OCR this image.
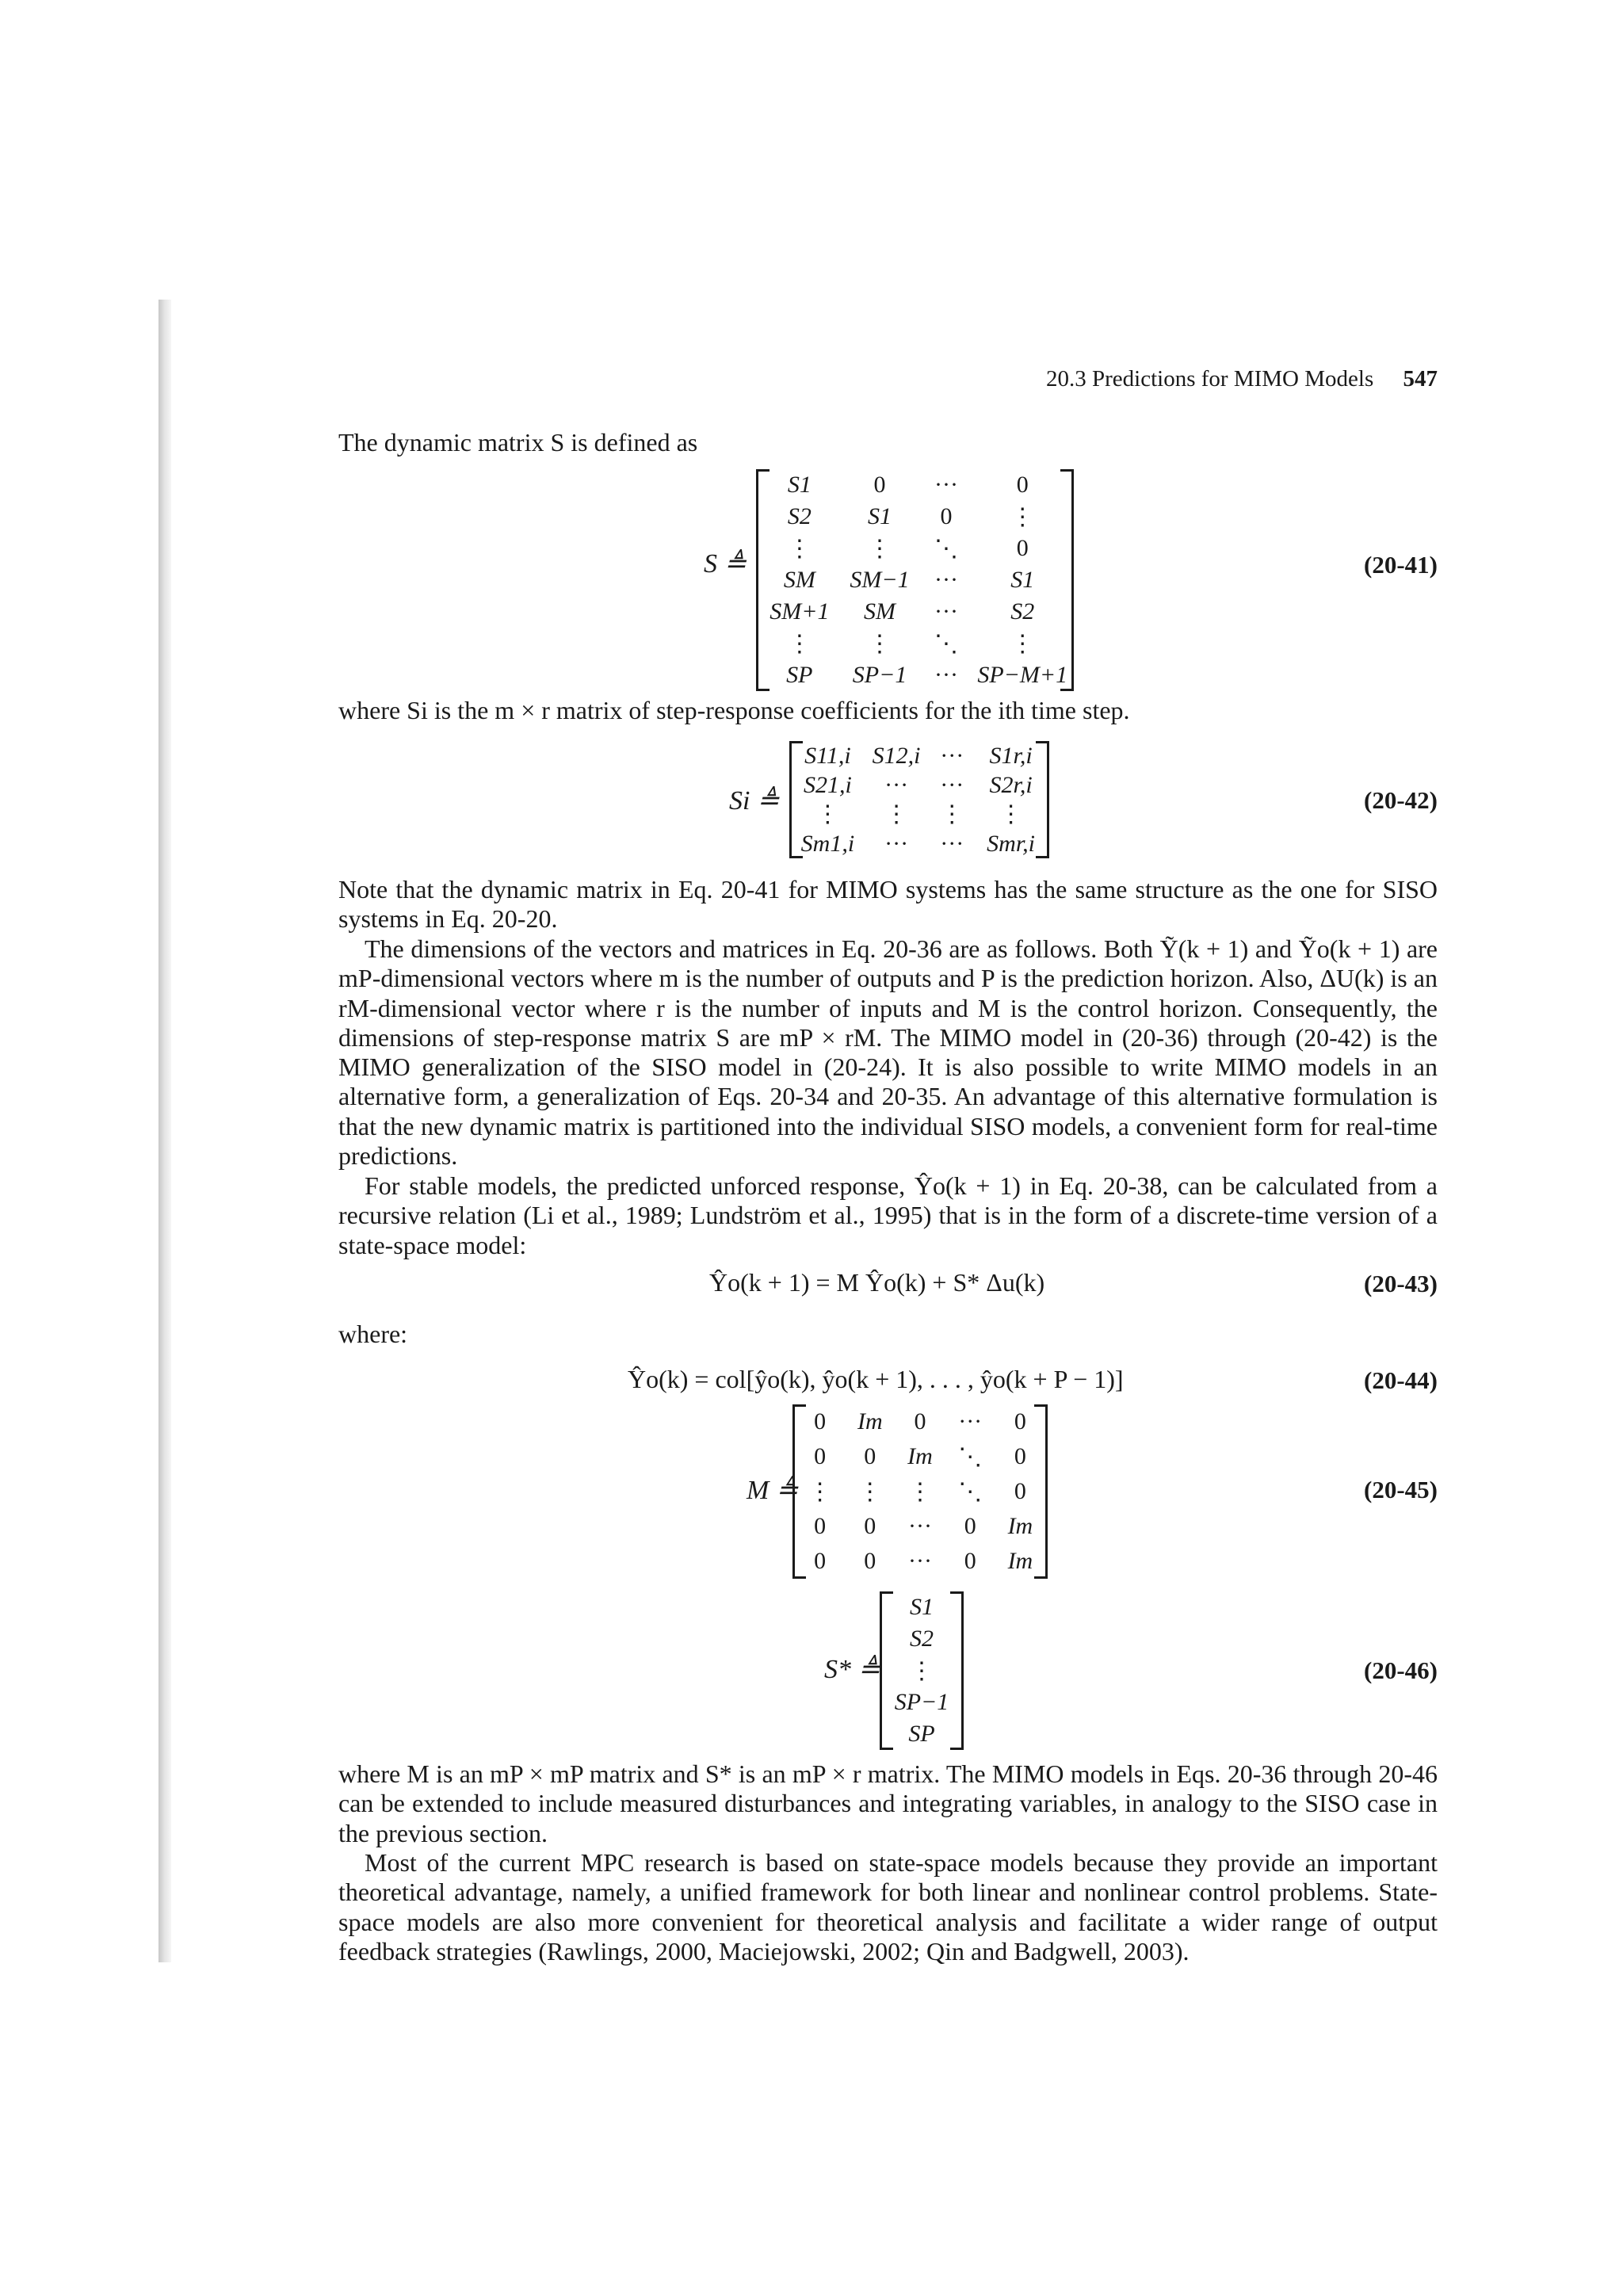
20.3 Predictions for MIMO Models 547

The dynamic matrix S is defined as

S ≜
S1	0 ··· 0
S2 S1 0 ⋮
⋮ ⋮ ⋱ 0
SM SM−1 ··· S1
SM+1 SM ··· S2
⋮ ⋮ ⋱ ⋮
SP SP−1 ··· SP−M+1
(20-41)

where Si is the m × r matrix of step-response coefficients for the ith time step.

Si ≜
S11,i S12,i ··· S1r,i
S21,i ··· ··· S2r,i
⋮ ⋮ ⋮ ⋮
Sm1,i ··· ··· Smr,i
(20-42)

Note that the dynamic matrix in Eq. 20-41 for MIMO systems has the same structure as the one for SISO systems in Eq. 20-20.

The dimensions of the vectors and matrices in Eq. 20-36 are as follows. Both Ỹ(k + 1) and Ỹo(k + 1) are mP-dimensional vectors where m is the number of outputs and P is the prediction horizon. Also, ΔU(k) is an rM-dimensional vector where r is the number of inputs and M is the control horizon. Consequently, the dimensions of step-response matrix S are mP × rM. The MIMO model in (20-36) through (20-42) is the MIMO generalization of the SISO model in (20-24). It is also possible to write MIMO models in an alternative form, a generalization of Eqs. 20-34 and 20-35. An advantage of this alternative formulation is that the new dynamic matrix is partitioned into the individual SISO models, a convenient form for real-time predictions.

For stable models, the predicted unforced response, Ŷo(k + 1) in Eq. 20-38, can be calculated from a recursive relation (Li et al., 1989; Lundström et al., 1995) that is in the form of a discrete-time version of a state-space model:

Ŷo(k + 1) = M Ŷo(k) + S* Δu(k)	(20-43)

where:

Ŷo(k) = col[ŷo(k), ŷo(k + 1), . . . , ŷo(k + P − 1)]	(20-44)
M ≜
0 Im 0 ··· 0
0 0 Im ⋱ 0
⋮ ⋮ ⋮ ⋱ 0
0 0 ··· 0 Im
0 0 ··· 0 Im
(20-45)
S* ≜
S1
S2
⋮
SP−1
SP
(20-46)

where M is an mP × mP matrix and S* is an mP × r matrix. The MIMO models in Eqs. 20-36 through 20-46 can be extended to include measured disturbances and integrating variables, in analogy to the SISO case in the previous section.

Most of the current MPC research is based on state-space models because they provide an important theoretical advantage, namely, a unified framework for both linear and nonlinear control problems. State-space models are also more convenient for theoretical analysis and facilitate a wider range of output feedback strategies (Rawlings, 2000, Maciejowski, 2002; Qin and Badgwell, 2003).
